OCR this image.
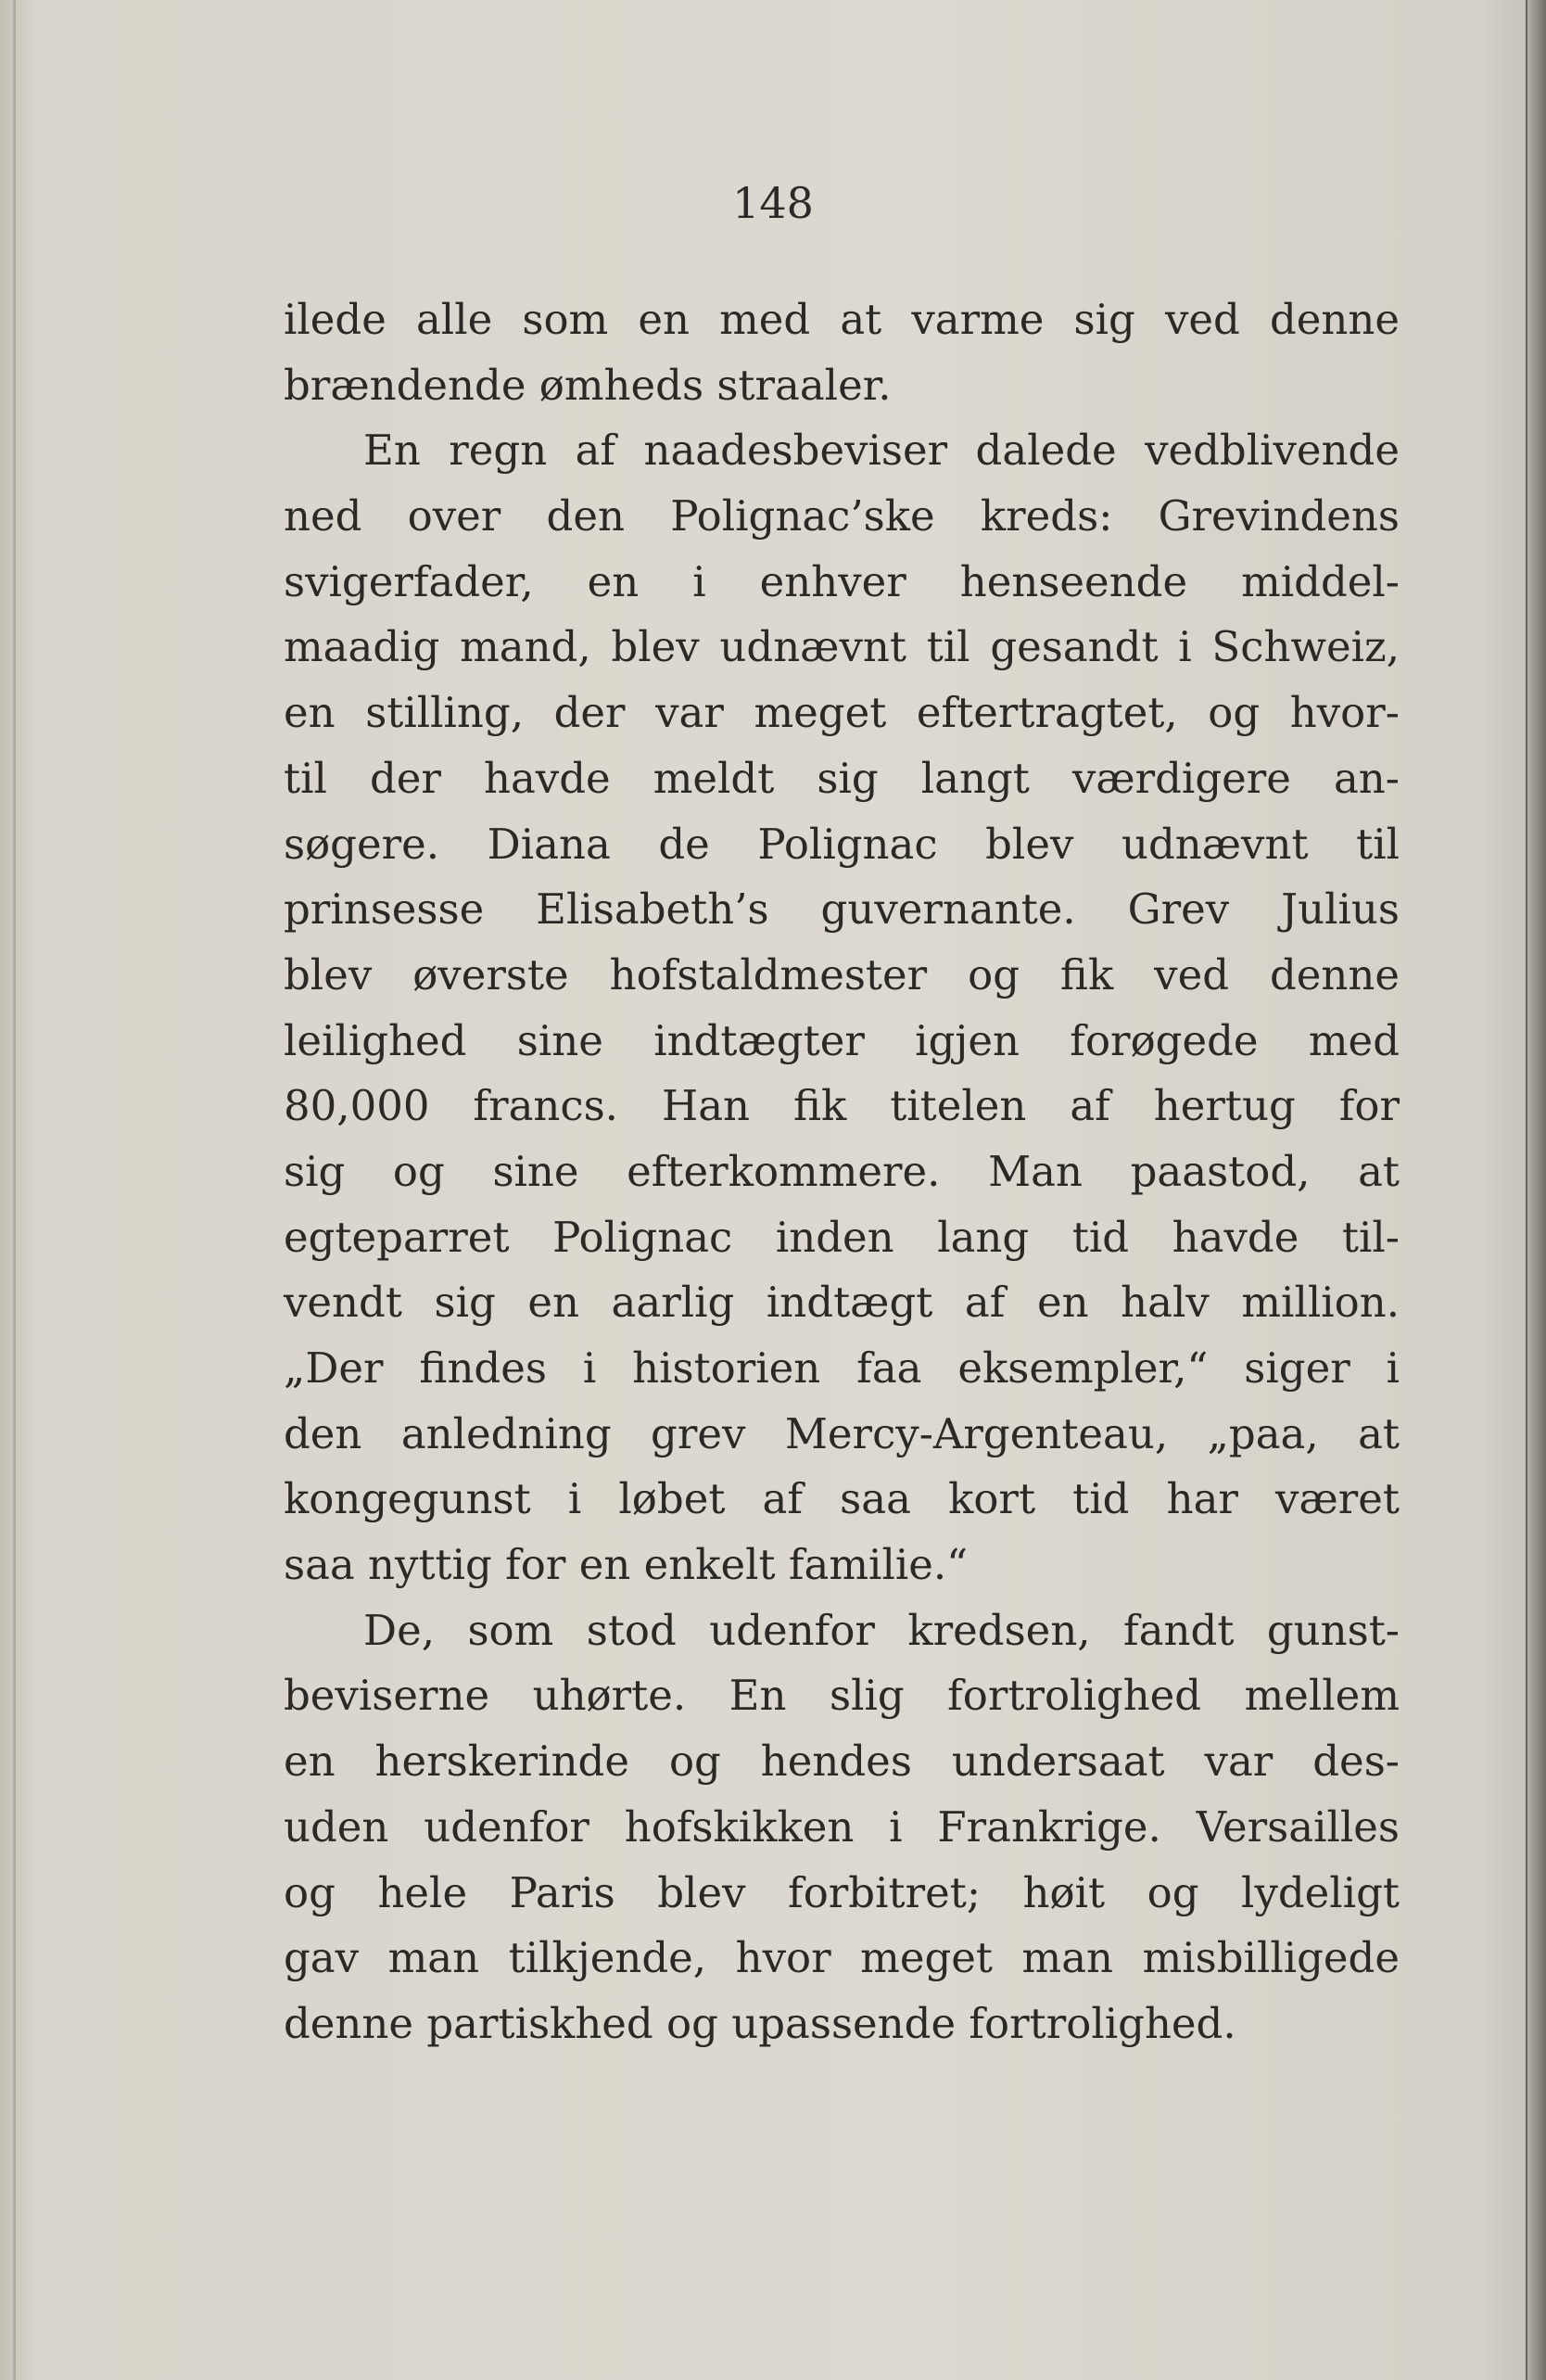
148
ilede alle som en med at varme sig ved denne
brændende ømheds straaler.
En regn af naadesbeviser dalede vedblivende
ned over den Polignac’ske kreds: Grevindens
svigerfader, en i enhver henseende middel-
maadig mand, blev udnævnt til gesandt i Schweiz,
en stilling, der var meget eftertragtet, og hvor-
til der havde meldt sig langt værdigere an-
søgere. Diana de Polignac blev udnævnt til
prinsesse Elisabeth’s guvernante. Grev Julius
blev øverste hofstaldmester og fik ved denne
leilighed sine indtægter igjen forøgede med
80,000 francs. Han fik titelen af hertug for
sig og sine efterkommere. Man paastod, at
egteparret Polignac inden lang tid havde til-
vendt sig en aarlig indtægt af en halv million.
„Der findes i historien faa eksempler,“ siger i
den anledning grev Mercy-Argenteau, „paa, at
kongegunst i løbet af saa kort tid har været
saa nyttig for en enkelt familie.“
De, som stod udenfor kredsen, fandt gunst-
beviserne uhørte. En slig fortrolighed mellem
en herskerinde og hendes undersaat var des-
uden udenfor hofskikken i Frankrige. Versailles
og hele Paris blev forbitret; høit og lydeligt
gav man tilkjende, hvor meget man misbilligede
denne partiskhed og upassende fortrolighed.
